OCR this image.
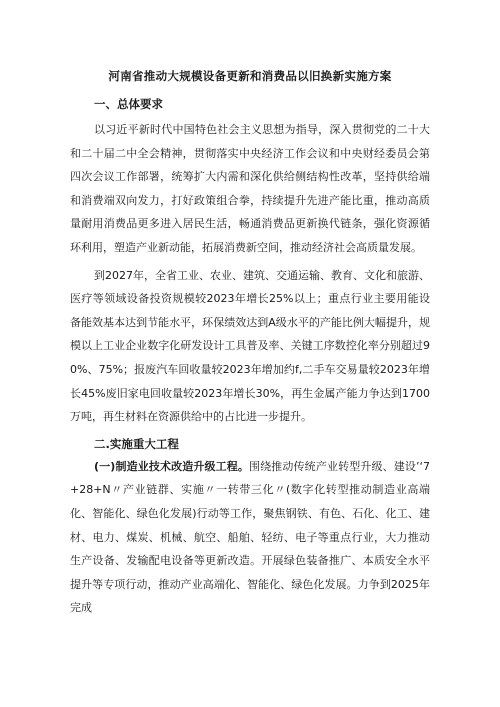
河南省推动大规模设备更新和消费品以旧换新实施方案
一、总体要求

以习近平新时代中国特色社会主义思想为指导，深入贯彻党的二十大和二十届二中全会精神，贯彻落实中央经济工作会议和中央财经委员会第四次会议工作部署，统筹扩大内需和深化供给侧结构性改革，坚持供给端和消费端双向发力，打好政策组合拳，持续提升先进产能比重，推动高质量耐用消费品更多进入居民生活，畅通消费品更新换代链条，强化资源循环利用，塑造产业新动能，拓展消费新空间，推动经济社会高质量发展。

到2027年，全省工业、农业、建筑、交通运输、教育、文化和旅游、医疗等领域设备投资规模较2023年增长25%以上；重点行业主要用能设备能效基本达到节能水平，环保绩效达到A级水平的产能比例大幅提升，规模以上工业企业数字化研发设计工具普及率、关键工序数控化率分别超过90%、75%；报废汽车回收量较2023年增加约f,二手车交易量较2023年增长45%废旧家电回收量较2023年增长30%，再生金属产能力争达到1700万吨，再生材料在资源供给中的占比进一步提升。

二.实施重大工程

(一)制造业技术改造升级工程。围绕推动传统产业转型升级、建设’‘7+28+N〃产业链群、实施〃一转带三化〃(数字化转型推动制造业高端化、智能化、绿色化发展)行动等工作，聚焦钢铁、有色、石化、化工、建材、电力、煤炭、机械、航空、船舶、轻纺、电子等重点行业，大力推动生产设备、发输配电设备等更新改造。开展绿色装备推广、本质安全水平提升等专项行动，推动产业高端化、智能化、绿色化发展。力争到2025年完成
